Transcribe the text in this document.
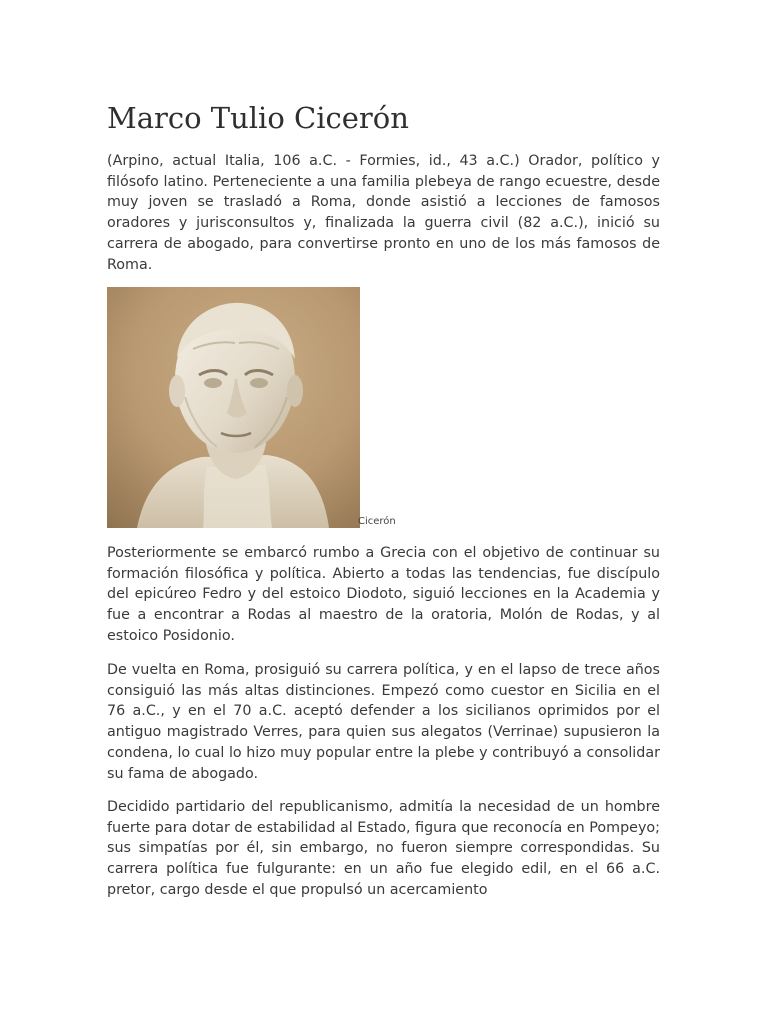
Marco Tulio Cicerón

(Arpino, actual Italia, 106 a.C. - Formies, id., 43 a.C.) Orador, político y filósofo latino. Perteneciente a una familia plebeya de rango ecuestre, desde muy joven se trasladó a Roma, donde asistió a lecciones de famosos oradores y jurisconsultos y, finalizada la guerra civil (82 a.C.), inició su carrera de abogado, para convertirse pronto en uno de los más famosos de Roma.

Cicerón

Posteriormente se embarcó rumbo a Grecia con el objetivo de continuar su formación filosófica y política. Abierto a todas las tendencias, fue discípulo del epicúreo Fedro y del estoico Diodoto, siguió lecciones en la Academia y fue a encontrar a Rodas al maestro de la oratoria, Molón de Rodas, y al estoico Posidonio.

De vuelta en Roma, prosiguió su carrera política, y en el lapso de trece años consiguió las más altas distinciones. Empezó como cuestor en Sicilia en el 76 a.C., y en el 70 a.C. aceptó defender a los sicilianos oprimidos por el antiguo magistrado Verres, para quien sus alegatos (Verrinae) supusieron la condena, lo cual lo hizo muy popular entre la plebe y contribuyó a consolidar su fama de abogado.

Decidido partidario del republicanismo, admitía la necesidad de un hombre fuerte para dotar de estabilidad al Estado, figura que reconocía en Pompeyo; sus simpatías por él, sin embargo, no fueron siempre correspondidas. Su carrera política fue fulgurante: en un año fue elegido edil, en el 66 a.C. pretor, cargo desde el que propulsó un acercamiento
